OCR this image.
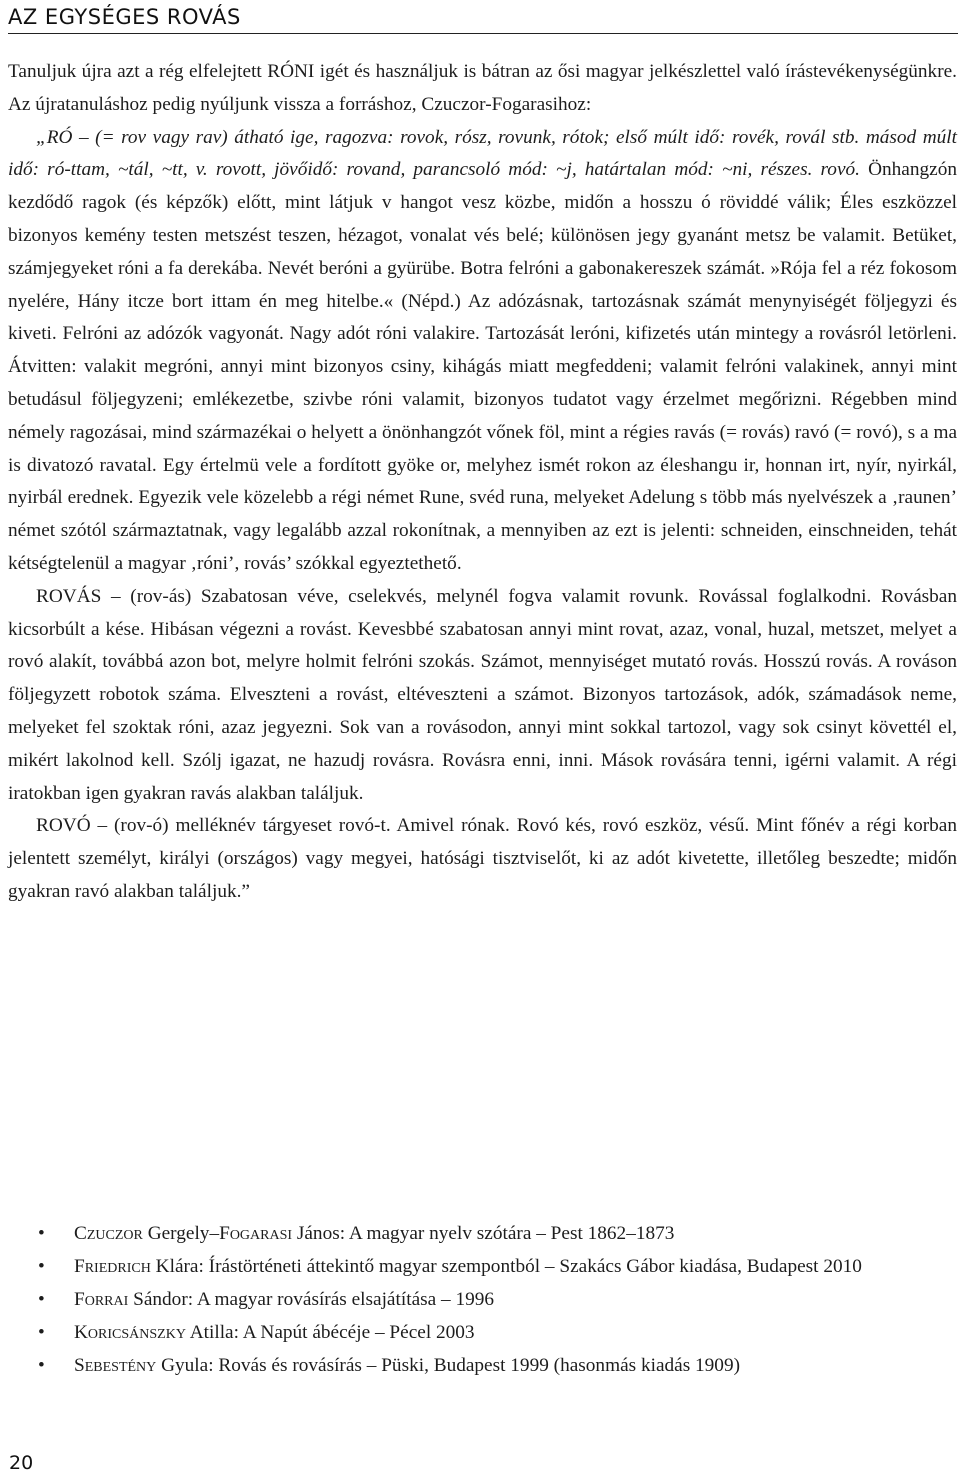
AZ EGYSÉGES ROVÁS

Tanuljuk újra azt a rég elfelejtett RÓNI igét és használjuk is bátran az ősi magyar jelkészlettel való írástevékenységünkre. Az újratanuláshoz pedig nyúljunk vissza a forráshoz, Czuczor-Fogarasihoz:

„RÓ – (= rov vagy rav) átható ige, ragozva: rovok, rósz, rovunk, rótok; első múlt idő: rovék, rovál stb. másod múlt idő: ró-ttam, ~tál, ~tt, v. rovott, jövőidő: rovand, parancsoló mód: ~j, határtalan mód: ~ni, részes. rovó. Önhangzón kezdődő ragok (és képzők) előtt, mint látjuk v hangot vesz közbe, midőn a hosszu ó röviddé válik; Éles eszközzel bizonyos kemény testen metszést teszen, hézagot, vonalat vés belé; különösen jegy gyanánt metsz be valamit. Betüket, számjegyeket róni a fa derekába. Nevét beróni a gyürübe. Botra felróni a gabonakereszek számát. »Rója fel a réz fokosom nyelére, Hány itcze bort ittam én meg hitelbe.« (Népd.) Az adózásnak, tartozásnak számát menynyiségét följegyzi és kiveti. Felróni az adózók vagyonát. Nagy adót róni valakire. Tartozását leróni, kifizetés után mintegy a rovásról letörleni. Átvitten: valakit megróni, annyi mint bizonyos csiny, kihágás miatt megfeddeni; valamit felróni valakinek, annyi mint betudásul följegyzeni; emlékezetbe, szivbe róni valamit, bizonyos tudatot vagy érzelmet megőrizni. Régebben mind némely ragozásai, mind származékai o helyett a önönhangzót vőnek föl, mint a régies ravás (= rovás) ravó (= rovó), s a ma is divatozó ravatal. Egy értelmü vele a fordított gyöke or, melyhez ismét rokon az éleshangu ir, honnan irt, nyír, nyirkál, nyirbál erednek. Egyezik vele közelebb a régi német Rune, svéd runa, melyeket Adelung s több más nyelvészek a ‚raunen’ német szótól származtatnak, vagy legalább azzal rokonítnak, a mennyiben az ezt is jelenti: schneiden, einschneiden, tehát kétségtelenül a magyar ‚róni’, rovás’ szókkal egyeztethető.

ROVÁS – (rov-ás) Szabatosan véve, cselekvés, melynél fogva valamit rovunk. Rovással foglalkodni. Rovásban kicsorbúlt a kése. Hibásan végezni a rovást. Kevesbbé szabatosan annyi mint rovat, azaz, vonal, huzal, metszet, melyet a rovó alakít, továbbá azon bot, melyre holmit felróni szokás. Számot, mennyiséget mutató rovás. Hosszú rovás. A rováson följegyzett robotok száma. Elveszteni a rovást, eltéveszteni a számot. Bizonyos tartozások, adók, számadások neme, melyeket fel szoktak róni, azaz jegyezni. Sok van a rovásodon, annyi mint sokkal tartozol, vagy sok csinyt követtél el, mikért lakolnod kell. Szólj igazat, ne hazudj rovásra. Rovásra enni, inni. Mások rovására tenni, igérni valamit. A régi iratokban igen gyakran ravás alakban találjuk.

ROVÓ – (rov-ó) melléknév tárgyeset rovó-t. Amivel rónak. Rovó kés, rovó eszköz, vésű. Mint főnév a régi korban jelentett személyt, királyi (országos) vagy megyei, hatósági tisztviselőt, ki az adót kivetette, illetőleg beszedte; midőn gyakran ravó alakban találjuk.”

• Czuczor Gergely–Fogarasi János: A magyar nyelv szótára – Pest 1862–1873
• Friedrich Klára: Írástörténeti áttekintő magyar szempontból – Szakács Gábor kiadása, Budapest 2010
• Forrai Sándor: A magyar rovásírás elsajátítása – 1996
• Koricsánszky Atilla: A Napút ábécéje – Pécel 2003
• Sebestény Gyula: Rovás és rovásírás – Püski, Budapest 1999 (hasonmás kiadás 1909)
20
